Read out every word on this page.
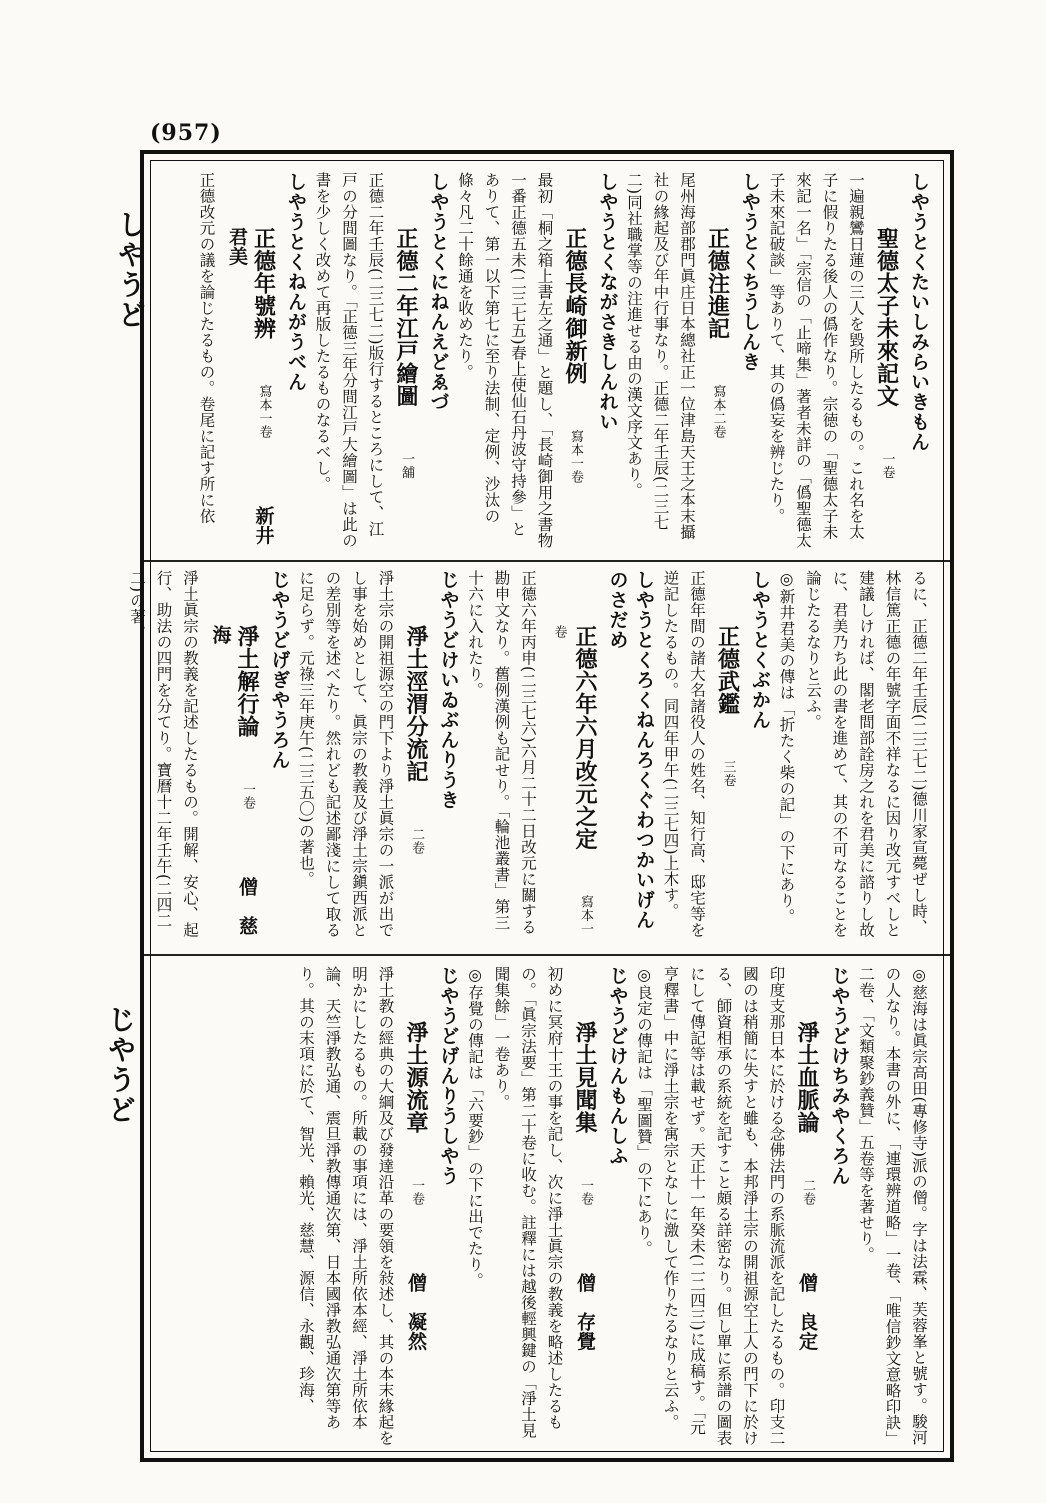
(957)
しやうど
じやうど
しやうとくたいしみらいきもん
聖德太子未來記文　　一卷
一遍親鸞日蓮の三人を毀所したるもの。これ名を太子に假りたる後人の僞作なり。宗徳の「聖德太子未來記一名」「宗信の「止啼集」著者未詳の「僞聖德太子未來記破談」等ありて、其の僞妄を辨じたり。
しやうとくちうしんき
正德注進記　　寫本二卷
尾州海部郡門眞庄日本總社正一位津島天王之本末攝社の緣起及び年中行事なり。正德二年壬辰(二三七二)同社職掌等の注進せる由の漢文序文あり。
しやうとくながさきしんれい
正德長崎御新例　　寫本一卷
最初「桐之箱上書左之通」と題し、「長崎御用之書物一番正德五未(二三七五)春上使仙石丹波守持參」とありて、第一以下第七に至り法制、定例、沙汰の條々凡二十餘通を收めたり。
しやうとくにねんえどゑづ
正德二年江戸繪圖　　一舖
正德二年壬辰(二三七二)版行するところにして、江戸の分間圖なり。「正德三年分間江戸大繪圖」は此の書を少しく改めて再版したるものなるべし。
しやうとくねんがうべん
正德年號辨　　寫本一卷　　　新井　君美
正德改元の議を論じたるもの。卷尾に記す所に依
るに、正德二年壬辰(二三七二)德川家宣薨ぜし時、林信篤正德の年號字面不祥なるに因り改元すべしと建議しければ、閣老間部詮房之れを君美に諮りし故に、君美乃ち此の書を進めて、其の不可なることを論じたるなりと云ふ。
◎新井君美の傳は「折たく柴の記」の下にあり。
しやうとくぶかん
正德武鑑　　三卷
正德年間の諸大名諸役人の姓名、知行高、邸宅等を逆記したるもの。同四年甲午(二三七四)上木す。
しやうとくろくねんろくぐわつかいげんのさだめ
正德六年六月改元之定　　寫本一卷
正德六年丙申(二三七六)六月二十二日改元に關する勘申文なり。舊例漢例も記せり。「輪池叢書」第三十六に入れたり。
じやうどけいゐぶんりうき
淨土涇渭分流記　　二卷
淨土宗の開祖源空の門下より淨土眞宗の一派が出でし事を始めとして、眞宗の教義及び淨土宗鎭西派との差別等を述べたり。然れども記述鄙淺にして取るに足らず。元祿三年庚午(二三五〇)の著也。
じやうどげぎやうろん
淨土解行論　　一卷　　　僧　慈海
淨土眞宗の教義を記述したるもの。開解、安心、起行、助法の四門を分てり。寶曆十二年壬午(二四二二)の著。
◎慈海は眞宗高田(專修寺)派の僧。字は法霖、芙蓉峯と號す。駿河の人なり。本書の外に、「連環辨道略」一卷、「唯信鈔文意略印訣」二卷、「文類聚鈔義贊」五卷等を著せり。
じやうどけちみやくろん
淨土血脈論　　二卷　　　僧　良定
印度支那日本に於ける念佛法門の系脈流派を記したるもの。印支二國のは稍簡に失すと雖も、本邦淨土宗の開祖源空上人の門下に於ける、師資相承の系統を記すこと頗る詳密なり。但し單に系譜の圖表にして傳記等は載せず。天正十一年癸未(二二四三)に成稿す。「元亨釋書」中に淨土宗を寓宗となしに激して作りたるなりと云ふ。
◎良定の傳記は「聖圖贊」の下にあり。
じやうどけんもんしふ
淨土見聞集　　一卷　　　僧　存覺
初めに冥府十王の事を記し、次に淨土眞宗の教義を略述したるもの。「眞宗法要」第二十卷に收む。註釋には越後輕興鍵の「淨土見聞集餘」一卷あり。
◎存覺の傳記は「六要鈔」の下に出でたり。
じやうどげんりうしやう
淨土源流章　　一卷　　　僧　凝然
淨土教の經典の大綱及び發達沿革の要領を敍述し、其の本末緣起を明かにしたるもの。所載の事項には、淨土所依本經、淨土所依本論、天竺淨教弘通、震旦淨教傳通次第、日本國淨教弘通次第等あり。其の末項に於て、智光、賴光、慈慧、源信、永觀、珍海、
